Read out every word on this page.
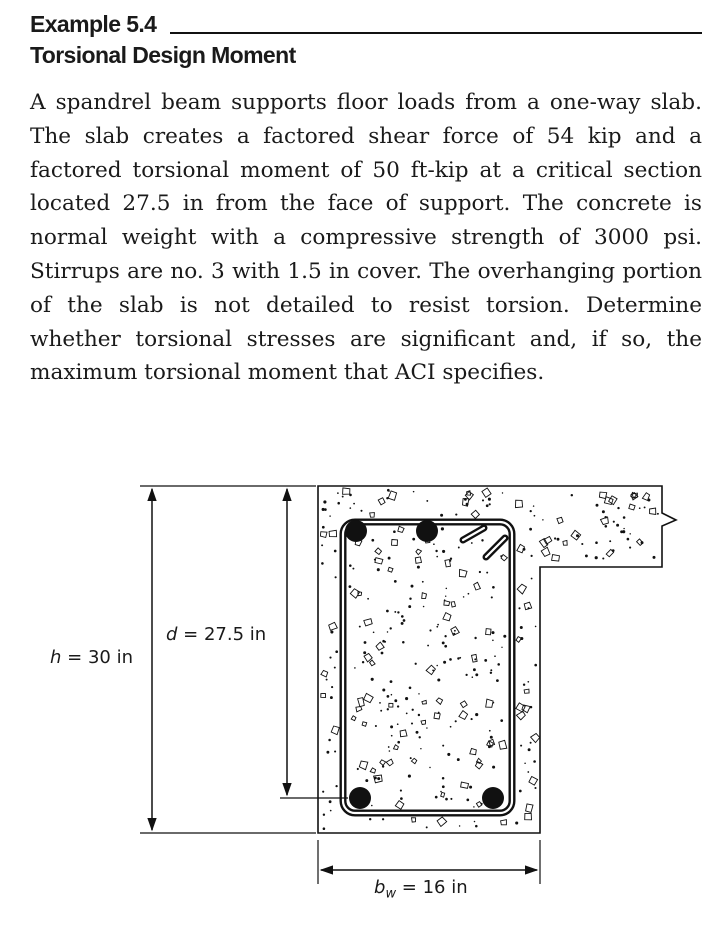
Example 5.4
Torsional Design Moment

A spandrel beam supports floor loads from a one-way slab. The slab creates a factored shear force of 54 kip and a factored torsional moment of 50 ft-kip at a critical section located 27.5 in from the face of support. The concrete is normal weight with a compressive strength of 3000 psi. Stirrups are no. 3 with 1.5 in cover. The overhanging portion of the slab is not detailed to resist torsion. Determine whether torsional stresses are significant and, if so, the maximum torsional moment that ACI specifies.

h = 30 in
d = 27.5 in
$b_w = 16$ in
